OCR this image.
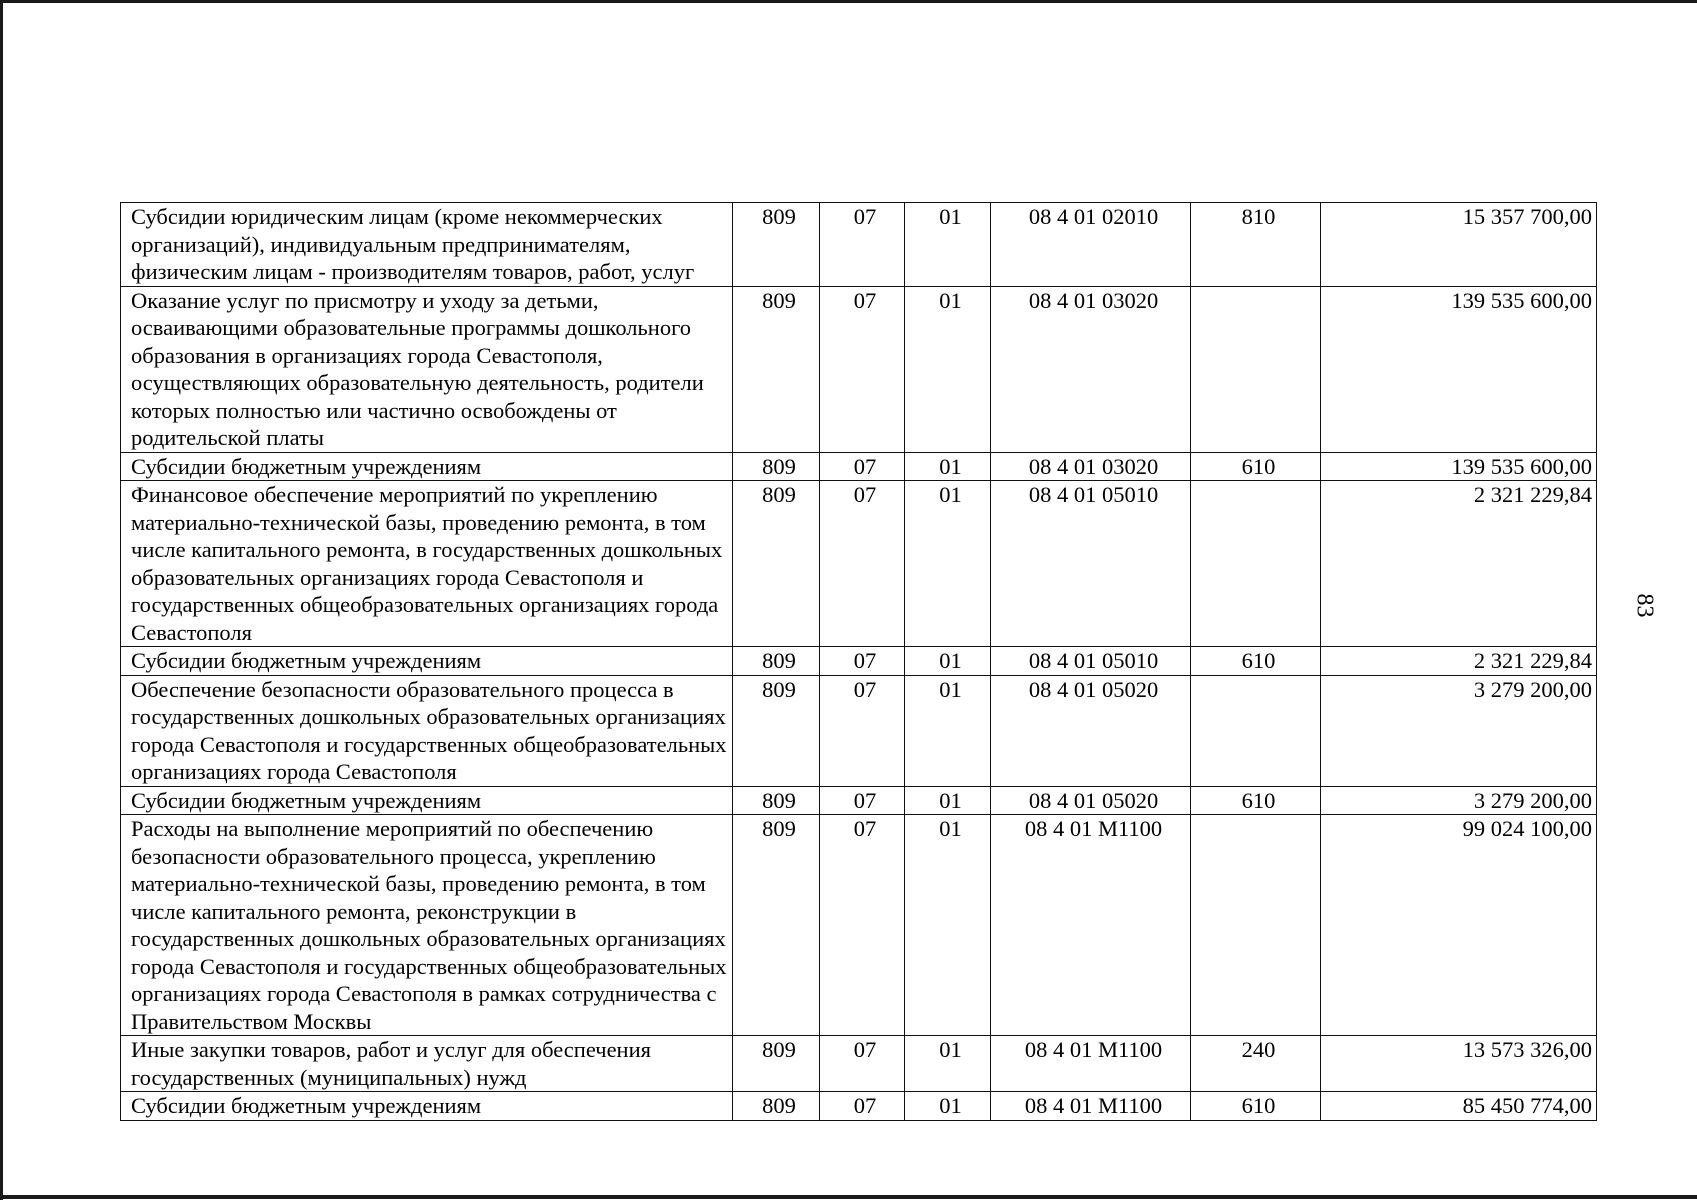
83
Субсидии юридическим лицам (кроме некоммерческих организаций), индивидуальным предпринимателям, физическим лицам - производителям товаров, работ, услуг	809	07	01	08 4 01 02010	810	15 357 700,00
Оказание услуг по присмотру и уходу за детьми, осваивающими образовательные программы дошкольного образования в организациях города Севастополя, осуществляющих образовательную деятельность, родители которых полностью или частично освобождены от родительской платы	809	07	01	08 4 01 03020		139 535 600,00
Субсидии бюджетным учреждениям	809	07	01	08 4 01 03020	610	139 535 600,00
Финансовое обеспечение мероприятий по укреплению материально-технической базы, проведению ремонта, в том числе капитального ремонта, в государственных дошкольных образовательных организациях города Севастополя и государственных общеобразовательных организациях города Севастополя	809	07	01	08 4 01 05010		2 321 229,84
Субсидии бюджетным учреждениям	809	07	01	08 4 01 05010	610	2 321 229,84
Обеспечение безопасности образовательного процесса в государственных дошкольных образовательных организациях города Севастополя и государственных общеобразовательных организациях города Севастополя	809	07	01	08 4 01 05020		3 279 200,00
Субсидии бюджетным учреждениям	809	07	01	08 4 01 05020	610	3 279 200,00
Расходы на выполнение мероприятий по обеспечению безопасности образовательного процесса, укреплению материально-технической базы, проведению ремонта, в том числе капитального ремонта, реконструкции в государственных дошкольных образовательных организациях города Севастополя и государственных общеобразовательных организациях города Севастополя в рамках сотрудничества с Правительством Москвы	809	07	01	08 4 01 М1100		99 024 100,00
Иные закупки товаров, работ и услуг для обеспечения государственных (муниципальных) нужд	809	07	01	08 4 01 М1100	240	13 573 326,00
Субсидии бюджетным учреждениям	809	07	01	08 4 01 М1100	610	85 450 774,00
